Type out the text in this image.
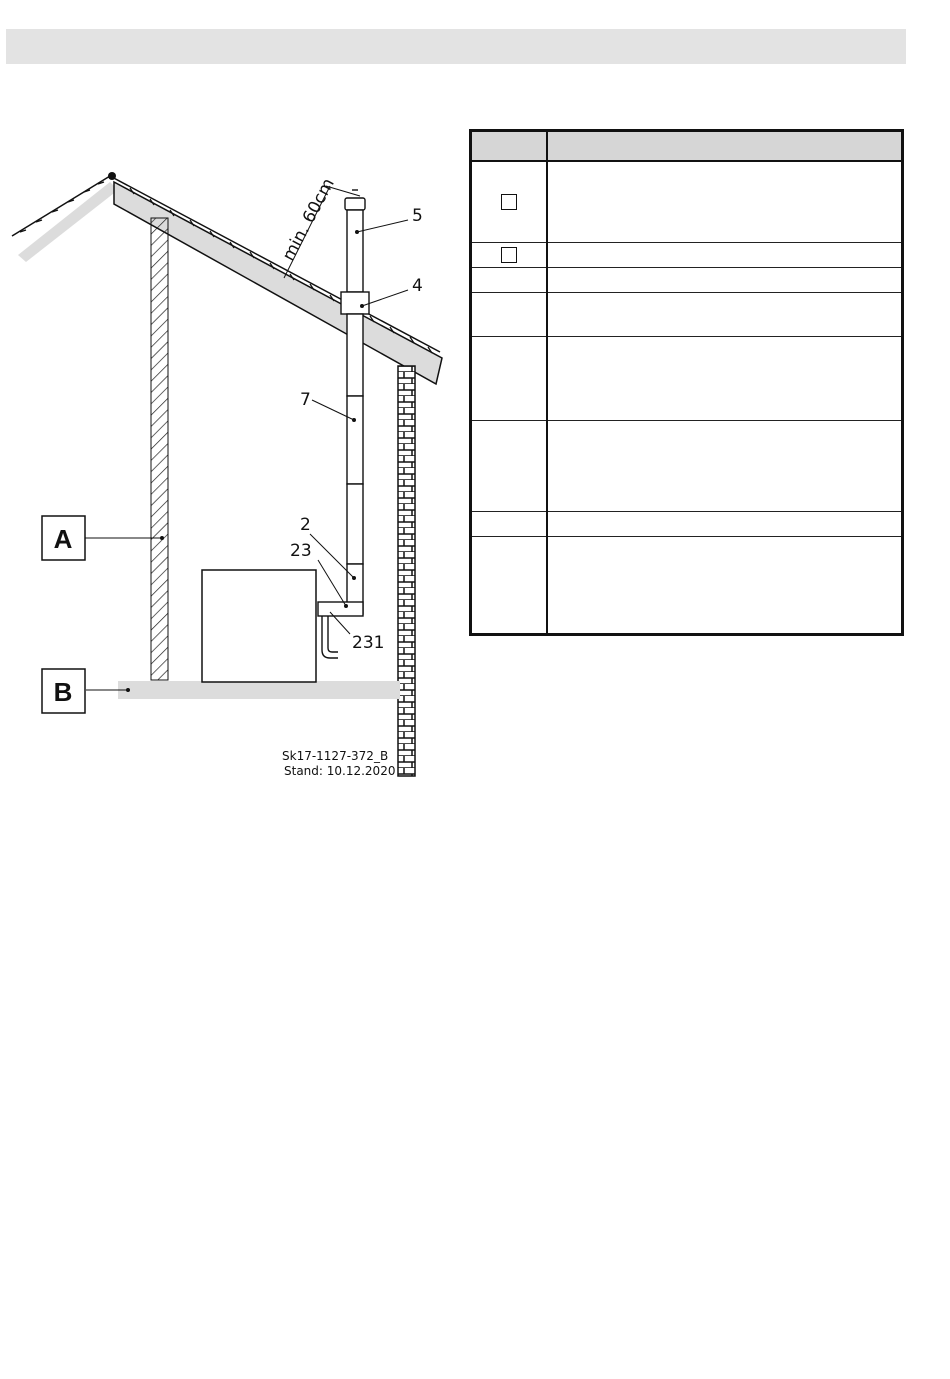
min. 60cm	5
4
7
2
23
231
A
B
Sk17-1127-372_B
Stand: 10.12.2020
